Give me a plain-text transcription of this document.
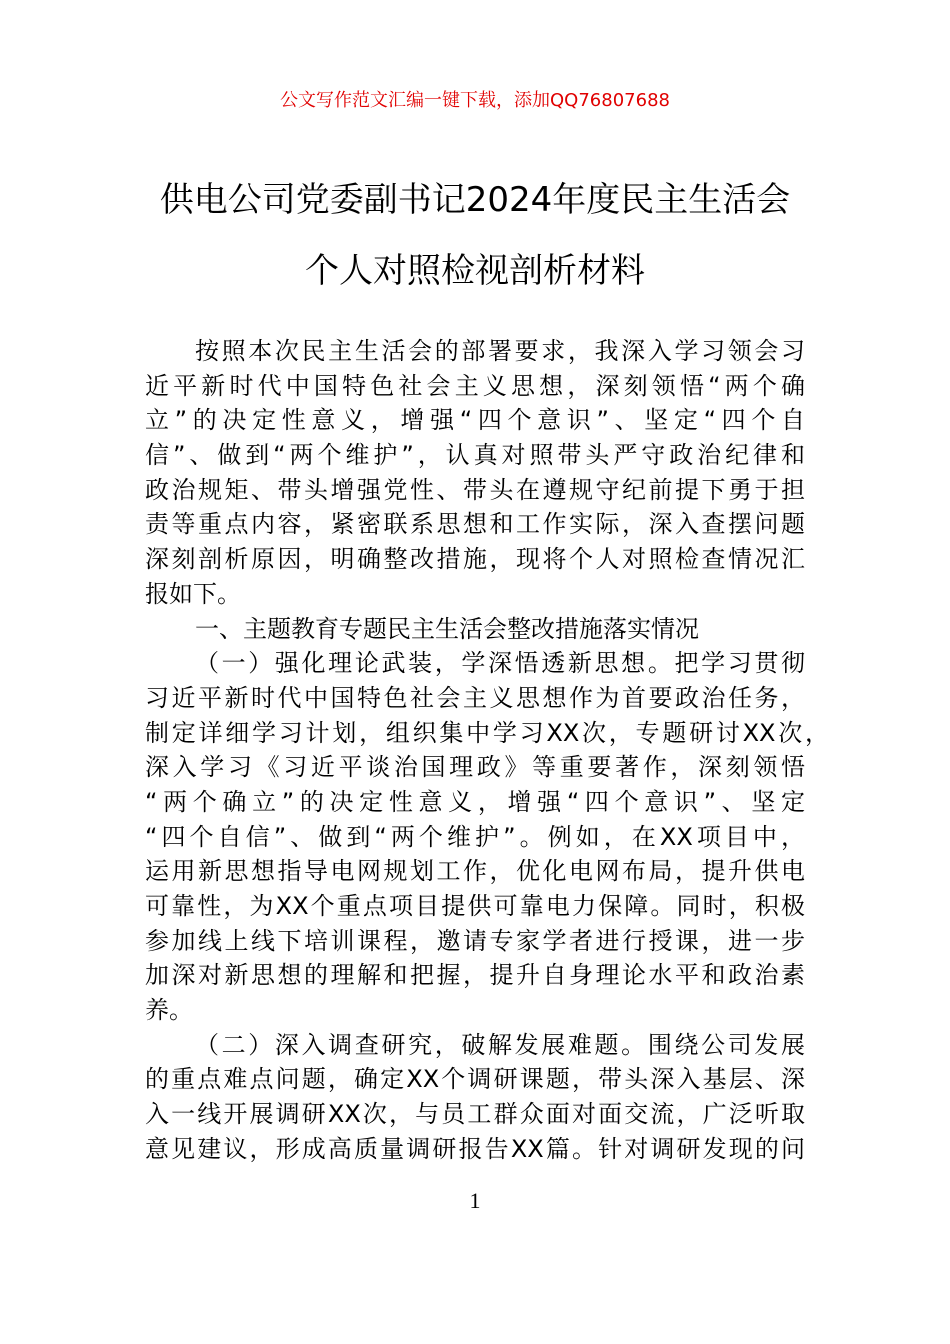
公文写作范文汇编一键下载，添加QQ76807688
供电公司党委副书记2024年度民主生活会
个人对照检视剖析材料
按照本次民主生活会的部署要求，我深入学习领会习
近平新时代中国特色社会主义思想，深刻领悟“两个确
立”的决定性意义，增强“四个意识”、坚定“四个自
信”、做到“两个维护”，认真对照带头严守政治纪律和
政治规矩、带头增强党性、带头在遵规守纪前提下勇于担
责等重点内容，紧密联系思想和工作实际，深入查摆问题
深刻剖析原因，明确整改措施，现将个人对照检查情况汇
报如下。
一、主题教育专题民主生活会整改措施落实情况
（一）强化理论武装，学深悟透新思想。把学习贯彻
习近平新时代中国特色社会主义思想作为首要政治任务，
制定详细学习计划，组织集中学习XX次，专题研讨XX次，
深入学习《习近平谈治国理政》等重要著作，深刻领悟
“两个确立”的决定性意义，增强“四个意识”、坚定
“四个自信”、做到“两个维护”。例如，在XX项目中，
运用新思想指导电网规划工作，优化电网布局，提升供电
可靠性，为XX个重点项目提供可靠电力保障。同时，积极
参加线上线下培训课程，邀请专家学者进行授课，进一步
加深对新思想的理解和把握，提升自身理论水平和政治素
养。
（二）深入调查研究，破解发展难题。围绕公司发展
的重点难点问题，确定XX个调研课题，带头深入基层、深
入一线开展调研XX次，与员工群众面对面交流，广泛听取
意见建议，形成高质量调研报告XX篇。针对调研发现的问
1
